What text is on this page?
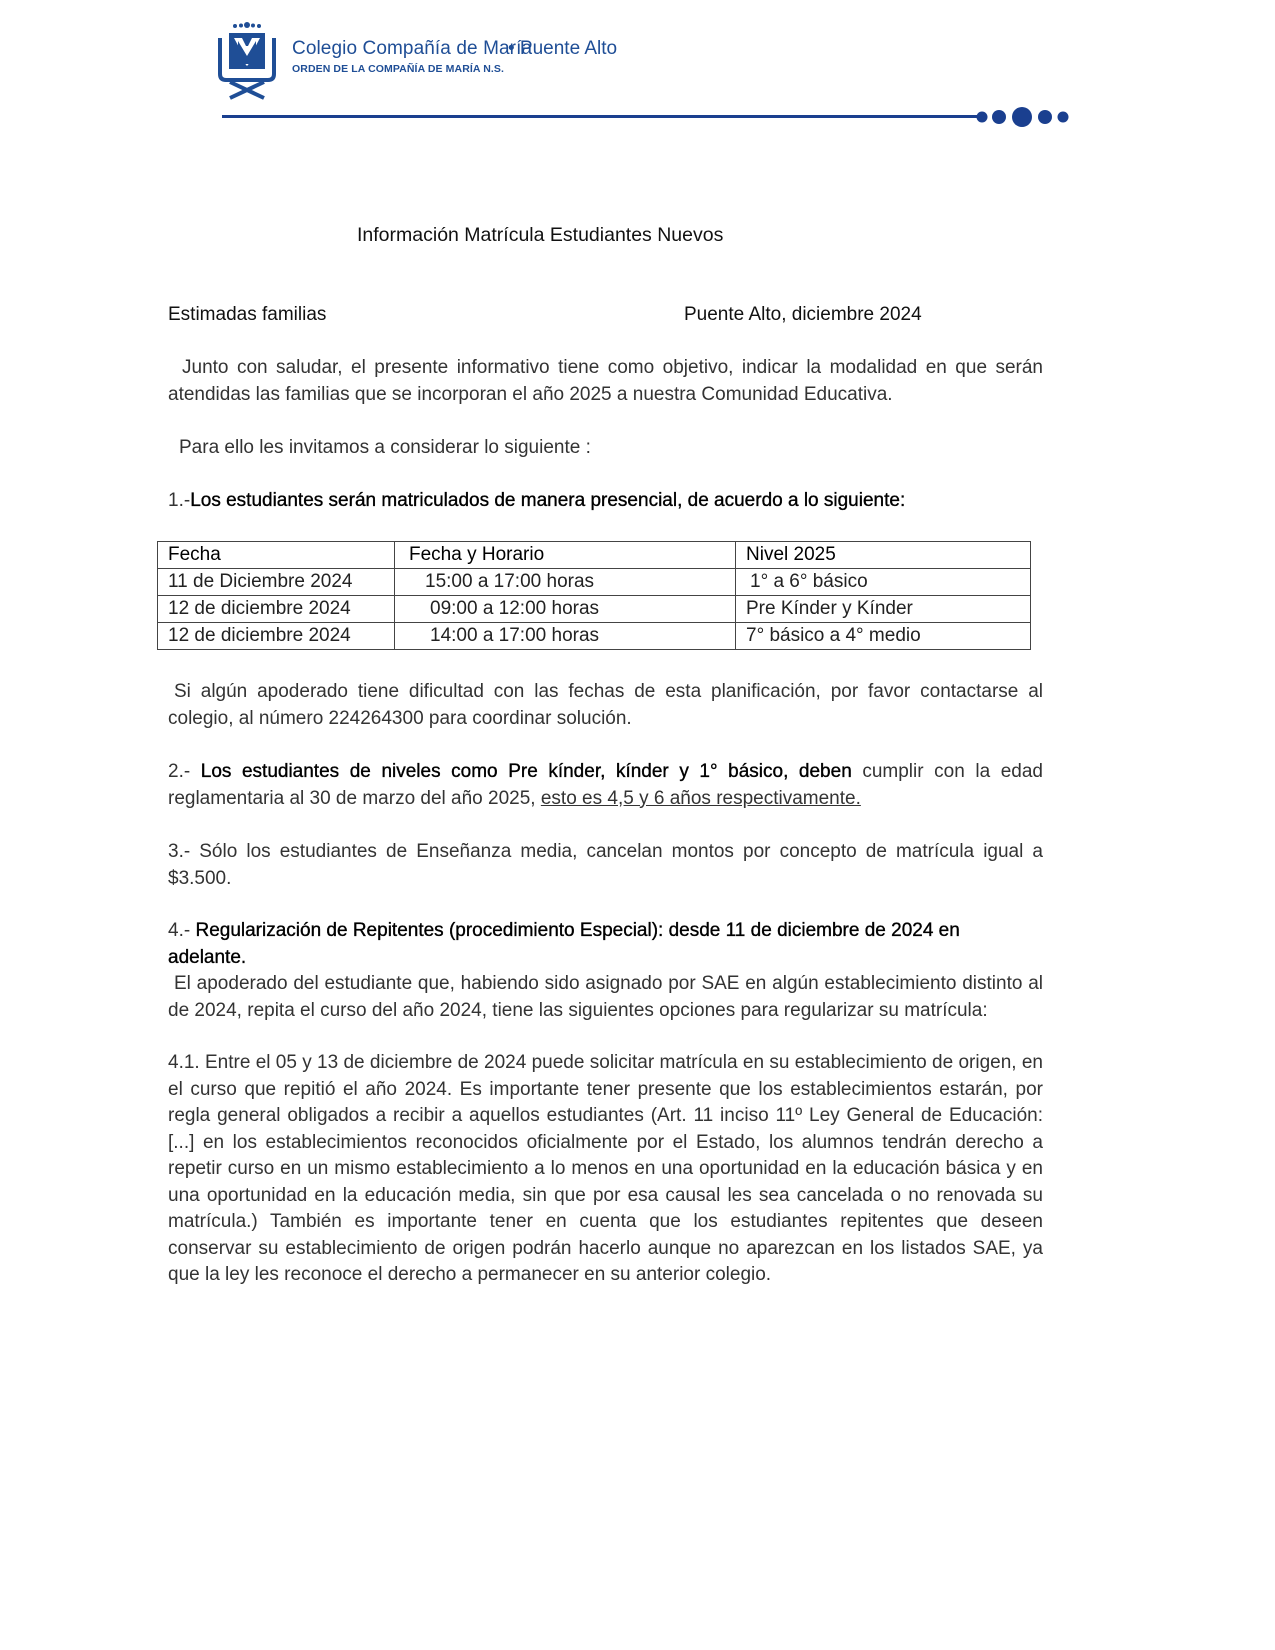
Colegio Compañía de María
• Puente Alto
ORDEN DE LA COMPAÑÍA DE MARÍA N.S.
Información Matrícula Estudiantes Nuevos
Estimadas familias	Puente Alto, diciembre 2024
Junto con saludar, el presente informativo tiene como objetivo, indicar la modalidad en que serán atendidas las familias que se incorporan el año 2025 a nuestra Comunidad Educativa.
Para ello les invitamos a considerar lo siguiente :
1.-Los estudiantes serán matriculados de manera presencial, de acuerdo a lo siguiente:
Fecha	Fecha y Horario	Nivel 2025
11 de Diciembre 2024	15:00 a 17:00 horas	1° a 6° básico
12 de diciembre 2024	09:00 a 12:00 horas	Pre Kínder y Kínder
12 de diciembre 2024	14:00 a 17:00 horas	7° básico a 4° medio
Si algún apoderado tiene dificultad con las fechas de esta planificación, por favor contactarse al colegio, al número 224264300 para coordinar solución.
2.- Los estudiantes de niveles como Pre kínder, kínder y 1° básico, deben cumplir con la edad reglamentaria al 30 de marzo del año 2025, esto es 4,5 y 6 años respectivamente.
3.- Sólo los estudiantes de Enseñanza media, cancelan montos por concepto de matrícula igual a $3.500.
4.- Regularización de Repitentes (procedimiento Especial): desde 11 de diciembre de 2024 en adelante.
El apoderado del estudiante que, habiendo sido asignado por SAE en algún establecimiento distinto al de 2024, repita el curso del año 2024, tiene las siguientes opciones para regularizar su matrícula:
4.1. Entre el 05 y 13 de diciembre de 2024 puede solicitar matrícula en su establecimiento de origen, en el curso que repitió el año 2024. Es importante tener presente que los establecimientos estarán, por regla general obligados a recibir a aquellos estudiantes (Art. 11 inciso 11º Ley General de Educación: [...] en los establecimientos reconocidos oficialmente por el Estado, los alumnos tendrán derecho a repetir curso en un mismo establecimiento a lo menos en una oportunidad en la educación básica y en una oportunidad en la educación media, sin que por esa causal les sea cancelada o no renovada su matrícula.) También es importante tener en cuenta que los estudiantes repitentes que deseen conservar su establecimiento de origen podrán hacerlo aunque no aparezcan en los listados SAE, ya que la ley les reconoce el derecho a permanecer en su anterior colegio.
